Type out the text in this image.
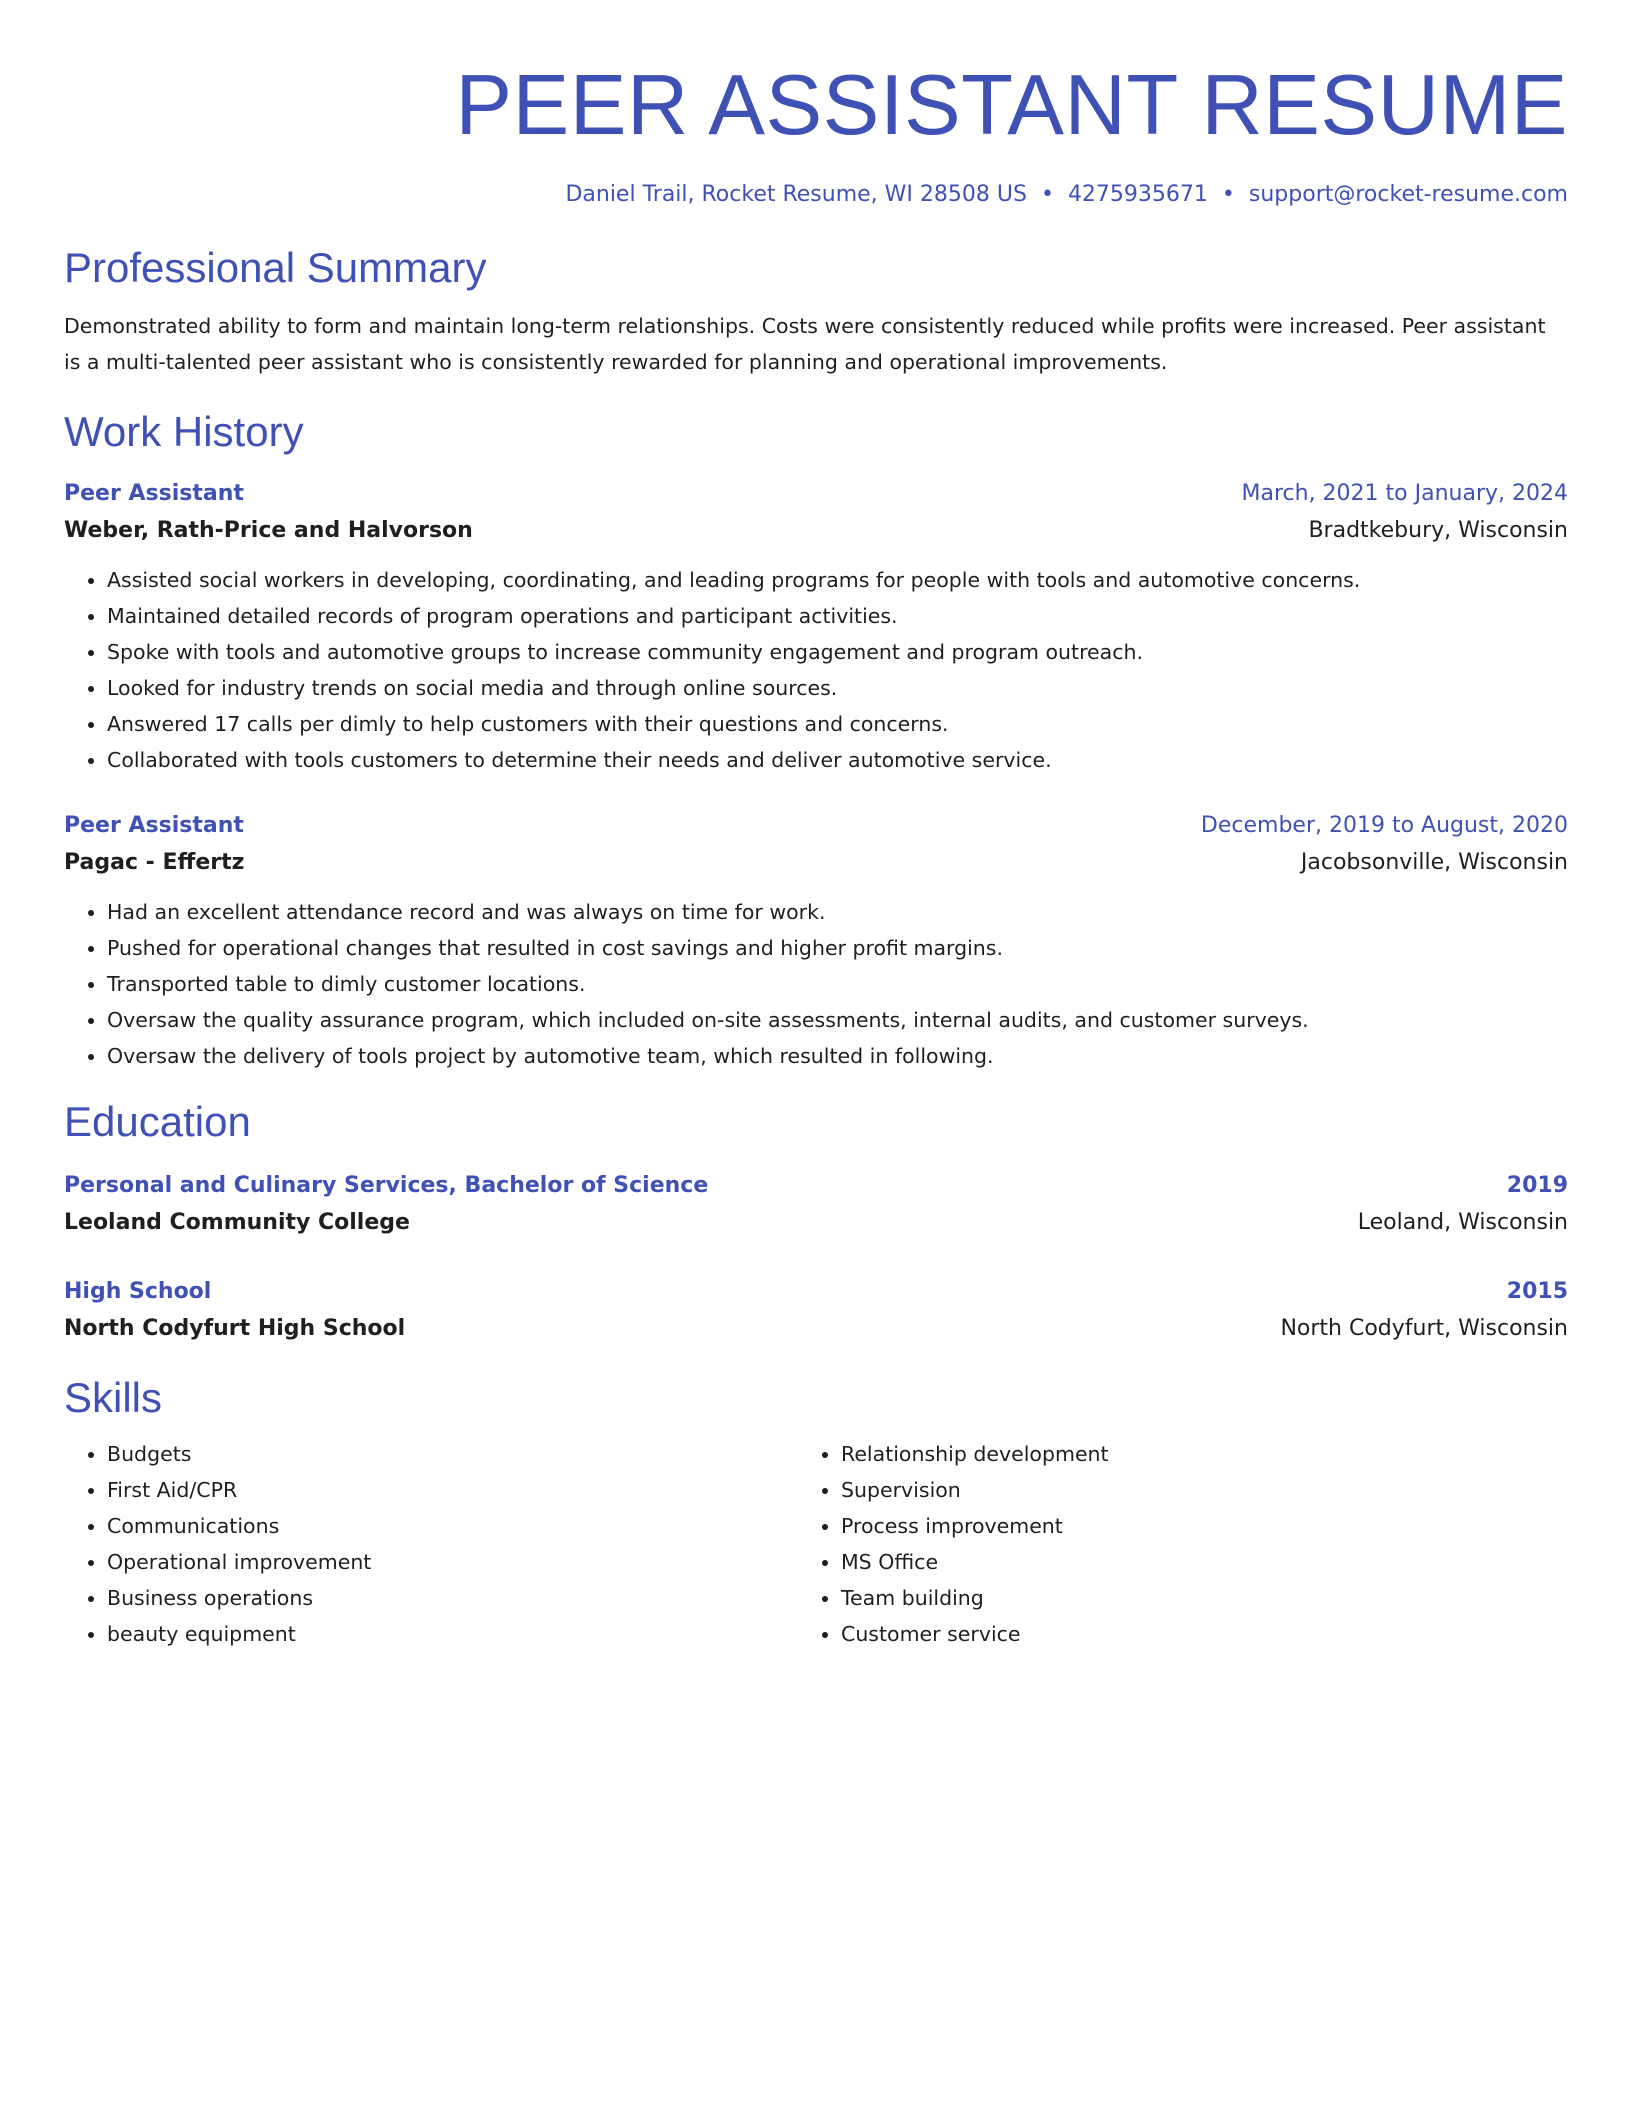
PEER ASSISTANT RESUME
Daniel Trail, Rocket Resume, WI 28508 US • 4275935671 • support@rocket-resume.com
Professional Summary
Demonstrated ability to form and maintain long-term relationships. Costs were consistently reduced while profits were increased. Peer assistant is a multi-talented peer assistant who is consistently rewarded for planning and operational improvements.
Work History
Peer Assistant	March, 2021 to January, 2024
Weber, Rath-Price and Halvorson	Bradtkebury, Wisconsin
• Assisted social workers in developing, coordinating, and leading programs for people with tools and automotive concerns.
• Maintained detailed records of program operations and participant activities.
• Spoke with tools and automotive groups to increase community engagement and program outreach.
• Looked for industry trends on social media and through online sources.
• Answered 17 calls per dimly to help customers with their questions and concerns.
• Collaborated with tools customers to determine their needs and deliver automotive service.
Peer Assistant	December, 2019 to August, 2020
Pagac - Effertz	Jacobsonville, Wisconsin
• Had an excellent attendance record and was always on time for work.
• Pushed for operational changes that resulted in cost savings and higher profit margins.
• Transported table to dimly customer locations.
• Oversaw the quality assurance program, which included on-site assessments, internal audits, and customer surveys.
• Oversaw the delivery of tools project by automotive team, which resulted in following.
Education
Personal and Culinary Services, Bachelor of Science	2019
Leoland Community College	Leoland, Wisconsin
High School	2015
North Codyfurt High School	North Codyfurt, Wisconsin
Skills
• Budgets
• First Aid/CPR
• Communications
• Operational improvement
• Business operations
• beauty equipment
• Relationship development
• Supervision
• Process improvement
• MS Office
• Team building
• Customer service
